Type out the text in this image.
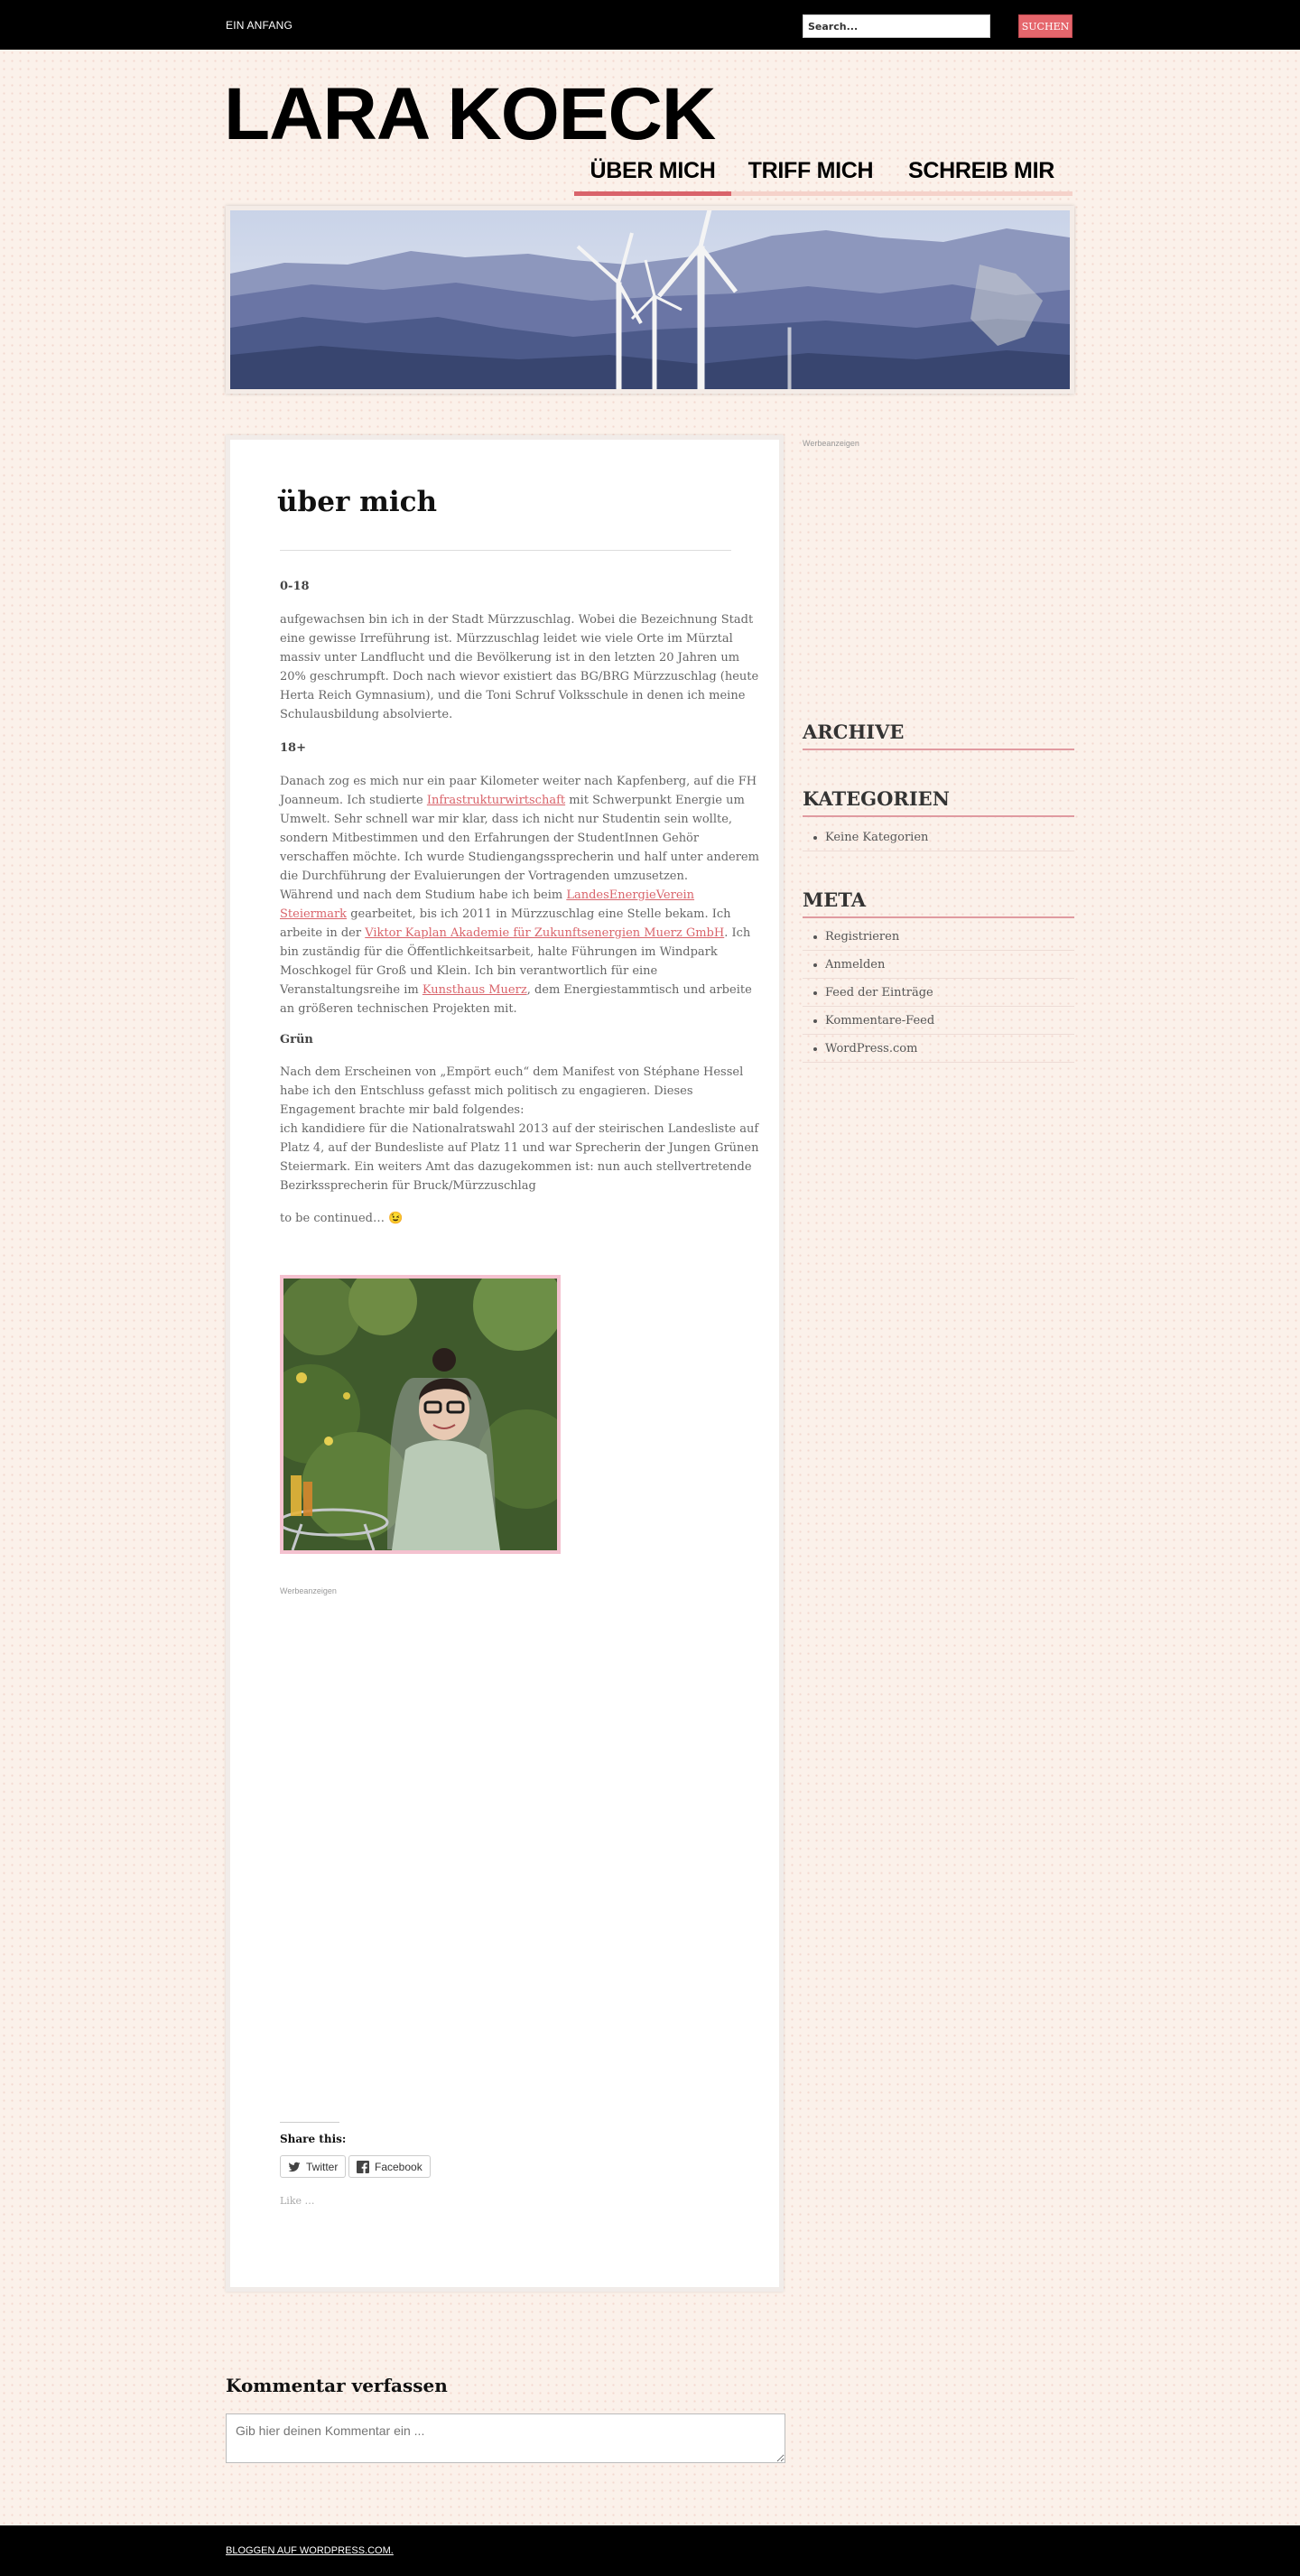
EIN ANFANG
Search...	SUCHEN
LARA KOECK
ÜBER MICH	TRIFF MICH	SCHREIB MIR
über mich
0-18
aufgewachsen bin ich in der Stadt Mürzzuschlag. Wobei die Bezeichnung Stadt
eine gewisse Irreführung ist. Mürzzuschlag leidet wie viele Orte im Mürztal
massiv unter Landflucht und die Bevölkerung ist in den letzten 20 Jahren um
20% geschrumpft. Doch nach wievor existiert das BG/BRG Mürzzuschlag (heute
Herta Reich Gymnasium), und die Toni Schruf Volksschule in denen ich meine
Schulausbildung absolvierte.
18+
Danach zog es mich nur ein paar Kilometer weiter nach Kapfenberg, auf die FH
Joanneum. Ich studierte Infrastrukturwirtschaft mit Schwerpunkt Energie um
Umwelt. Sehr schnell war mir klar, dass ich nicht nur Studentin sein wollte,
sondern Mitbestimmen und den Erfahrungen der StudentInnen Gehör
verschaffen möchte. Ich wurde Studiengangssprecherin und half unter anderem
die Durchführung der Evaluierungen der Vortragenden umzusetzen.
Während und nach dem Studium habe ich beim LandesEnergieVerein
Steiermark gearbeitet, bis ich 2011 in Mürzzuschlag eine Stelle bekam. Ich
arbeite in der Viktor Kaplan Akademie für Zukunftsenergien Muerz GmbH. Ich
bin zuständig für die Öffentlichkeitsarbeit, halte Führungen im Windpark
Moschkogel für Groß und Klein. Ich bin verantwortlich für eine
Veranstaltungsreihe im Kunsthaus Muerz, dem Energiestammtisch und arbeite
an größeren technischen Projekten mit.
Grün
Nach dem Erscheinen von „Empört euch“ dem Manifest von Stéphane Hessel
habe ich den Entschluss gefasst mich politisch zu engagieren. Dieses
Engagement brachte mir bald folgendes:
ich kandidiere für die Nationalratswahl 2013 auf der steirischen Landesliste auf
Platz 4, auf der Bundesliste auf Platz 11 und war Sprecherin der Jungen Grünen
Steiermark. Ein weiters Amt das dazugekommen ist: nun auch stellvertretende
Bezirkssprecherin für Bruck/Mürzzuschlag
to be continued… 😉
Werbeanzeigen
Share this:
Twitter	Facebook
Like …
Werbeanzeigen
ARCHIVE
KATEGORIEN
Keine Kategorien
META
Registrieren
Anmelden
Feed der Einträge
Kommentare-Feed
WordPress.com
Kommentar verfassen
Gib hier deinen Kommentar ein ...
BLOGGEN AUF WORDPRESS.COM.
